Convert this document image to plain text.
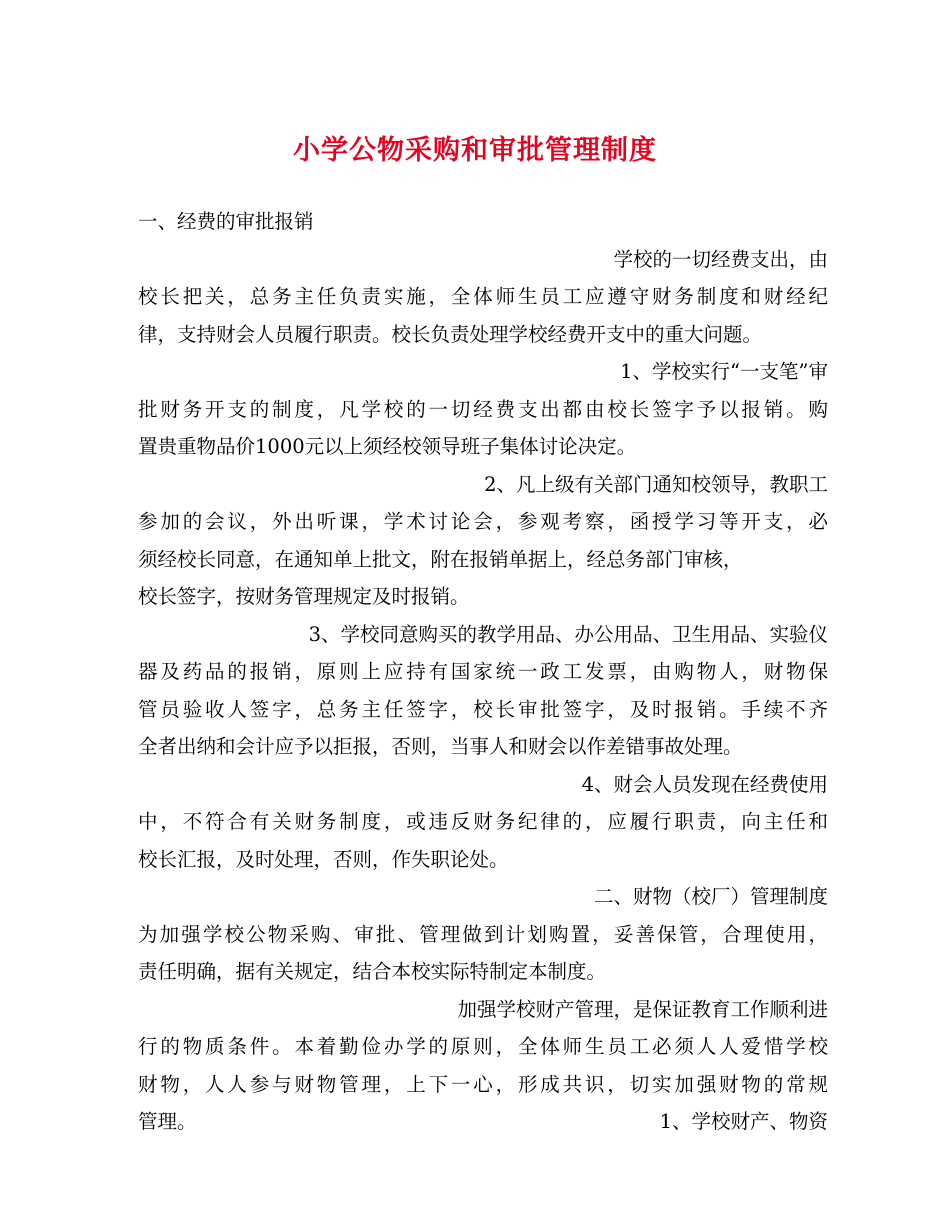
小学公物采购和审批管理制度
一、经费的审批报销
学校的一切经费支出，由
校长把关，总务主任负责实施，全体师生员工应遵守财务制度和财经纪
律，支持财会人员履行职责。校长负责处理学校经费开支中的重大问题。
1、学校实行“一支笔”审
批财务开支的制度，凡学校的一切经费支出都由校长签字予以报销。购
置贵重物品价1000元以上须经校领导班子集体讨论决定。
2、凡上级有关部门通知校领导，教职工
参加的会议，外出听课，学术讨论会，参观考察，函授学习等开支，必
须经校长同意，在通知单上批文，附在报销单据上，经总务部门审核，
校长签字，按财务管理规定及时报销。
3、学校同意购买的教学用品、办公用品、卫生用品、实验仪
器及药品的报销，原则上应持有国家统一政工发票，由购物人，财物保
管员验收人签字，总务主任签字，校长审批签字，及时报销。手续不齐
全者出纳和会计应予以拒报，否则，当事人和财会以作差错事故处理。
4、财会人员发现在经费使用
中，不符合有关财务制度，或违反财务纪律的，应履行职责，向主任和
校长汇报，及时处理，否则，作失职论处。
二、财物（校厂）管理制度
为加强学校公物采购、审批、管理做到计划购置，妥善保管，合理使用，
责任明确，据有关规定，结合本校实际特制定本制度。
加强学校财产管理，是保证教育工作顺利进
行的物质条件。本着勤俭办学的原则，全体师生员工必须人人爱惜学校
财物，人人参与财物管理，上下一心，形成共识，切实加强财物的常规
管理。	1、学校财产、物资
